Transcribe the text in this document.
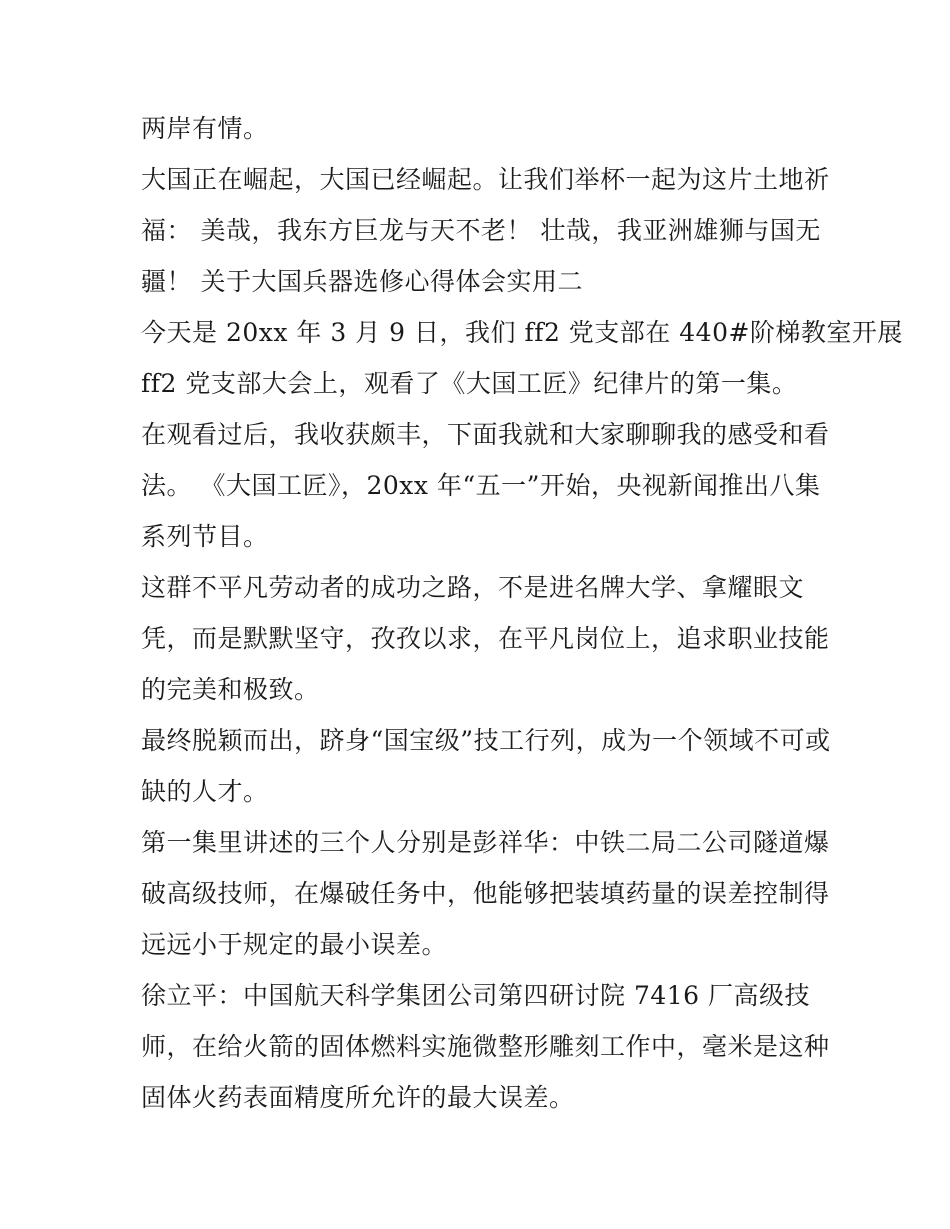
两岸有情。
大国正在崛起，大国已经崛起。让我们举杯一起为这片土地祈
福： 美哉，我东方巨龙与天不老！ 壮哉，我亚洲雄狮与国无
疆！ 关于大国兵器选修心得体会实用二
今天是 20xx 年 3 月 9 日，我们 ff2 党支部在 440#阶梯教室开展
ff2 党支部大会上，观看了《大国工匠》纪律片的第一集。
在观看过后，我收获颇丰，下面我就和大家聊聊我的感受和看
法。 《大国工匠》，20xx 年“五一”开始，央视新闻推出八集
系列节目。
这群不平凡劳动者的成功之路，不是进名牌大学、拿耀眼文
凭，而是默默坚守，孜孜以求，在平凡岗位上，追求职业技能
的完美和极致。
最终脱颖而出，跻身“国宝级”技工行列，成为一个领域不可或
缺的人才。
第一集里讲述的三个人分别是彭祥华：中铁二局二公司隧道爆
破高级技师，在爆破任务中，他能够把装填药量的误差控制得
远远小于规定的最小误差。
徐立平：中国航天科学集团公司第四研讨院 7416 厂高级技
师，在给火箭的固体燃料实施微整形雕刻工作中，毫米是这种
固体火药表面精度所允许的最大误差。
